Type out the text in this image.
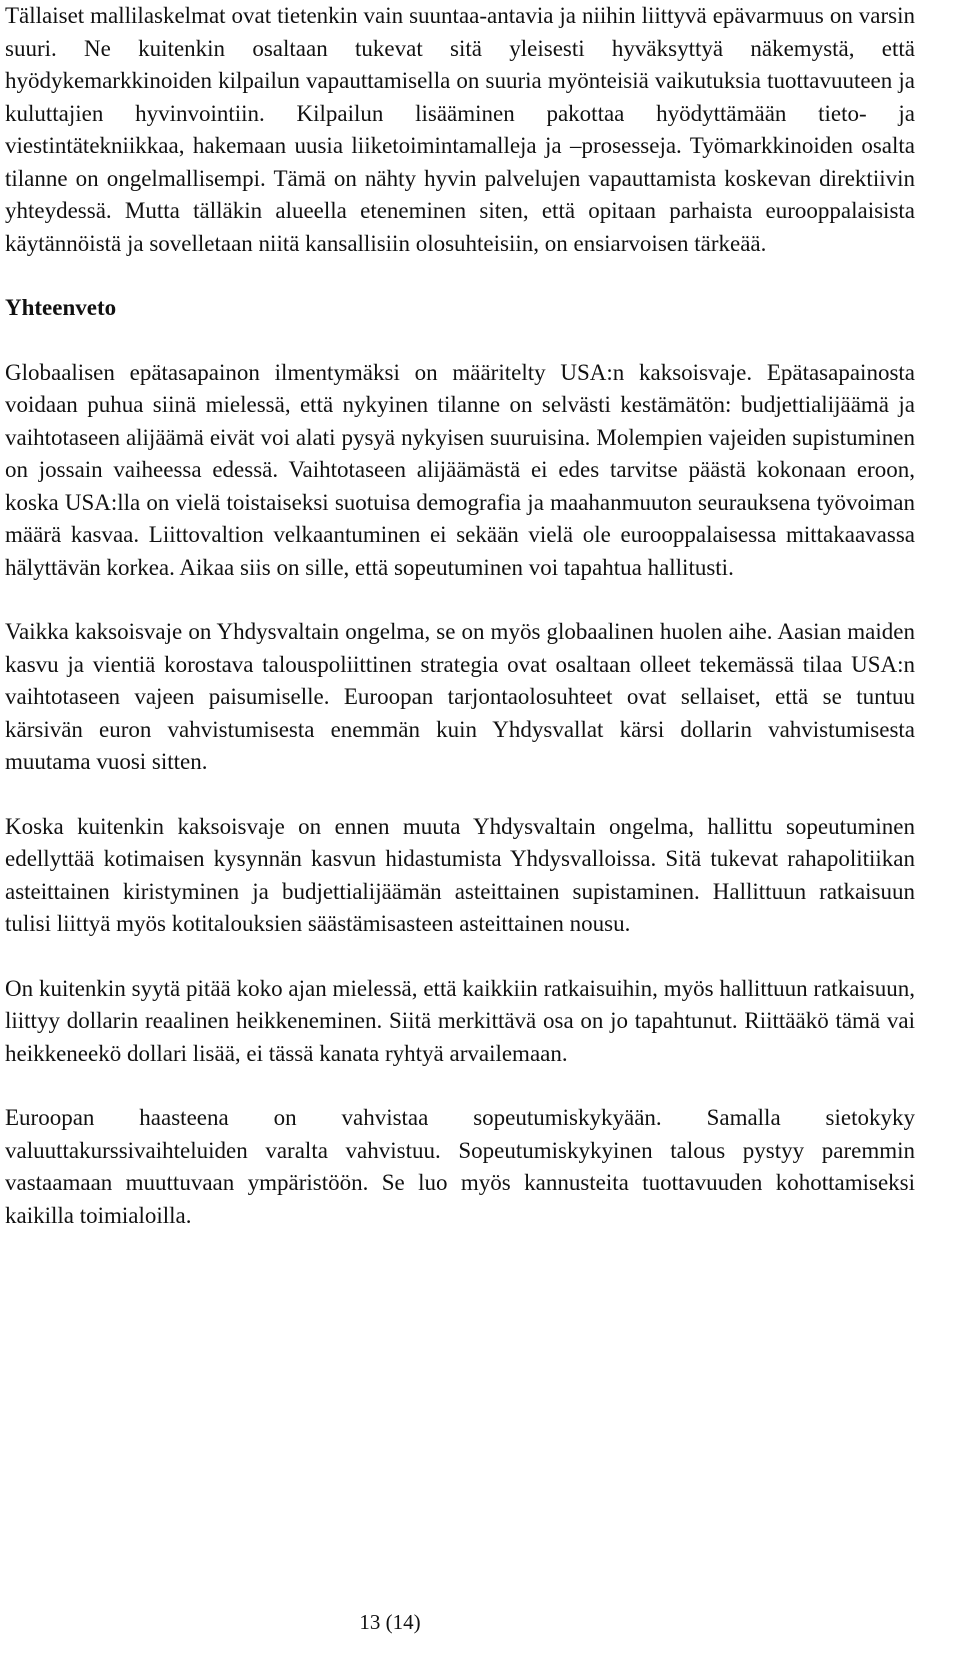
Tällaiset mallilaskelmat ovat tietenkin vain suuntaa-antavia ja niihin liittyvä epävarmuus on varsin suuri. Ne kuitenkin osaltaan tukevat sitä yleisesti hyväksyttyä näkemystä, että hyödykemarkkinoiden kilpailun vapauttamisella on suuria myönteisiä vaikutuksia tuottavuuteen ja kuluttajien hyvinvointiin. Kilpailun lisääminen pakottaa hyödyttämään tieto- ja viestintätekniikkaa, hakemaan uusia liiketoimintamalleja ja –prosesseja. Työmarkkinoiden osalta tilanne on ongelmallisempi. Tämä on nähty hyvin palvelujen vapauttamista koskevan direktiivin yhteydessä. Mutta tälläkin alueella eteneminen siten, että opitaan parhaista eurooppalaisista käytännöistä ja sovelletaan niitä kansallisiin olosuhteisiin, on ensiarvoisen tärkeää.

Yhteenveto

Globaalisen epätasapainon ilmentymäksi on määritelty USA:n kaksoisvaje. Epätasapainosta voidaan puhua siinä mielessä, että nykyinen tilanne on selvästi kestämätön: budjettialijäämä ja vaihtotaseen alijäämä eivät voi alati pysyä nykyisen suuruisina. Molempien vajeiden supistuminen on jossain vaiheessa edessä. Vaihtotaseen alijäämästä ei edes tarvitse päästä kokonaan eroon, koska USA:lla on vielä toistaiseksi suotuisa demografia ja maahanmuuton seurauksena työvoiman määrä kasvaa. Liittovaltion velkaantuminen ei sekään vielä ole eurooppalaisessa mittakaavassa hälyttävän korkea. Aikaa siis on sille, että sopeutuminen voi tapahtua hallitusti.

Vaikka kaksoisvaje on Yhdysvaltain ongelma, se on myös globaalinen huolen aihe. Aasian maiden kasvu ja vientiä korostava talouspoliittinen strategia ovat osaltaan olleet tekemässä tilaa USA:n vaihtotaseen vajeen paisumiselle. Euroopan tarjontaolosuhteet ovat sellaiset, että se tuntuu kärsivän euron vahvistumisesta enemmän kuin Yhdysvallat kärsi dollarin vahvistumisesta muutama vuosi sitten.

Koska kuitenkin kaksoisvaje on ennen muuta Yhdysvaltain ongelma, hallittu sopeutuminen edellyttää kotimaisen kysynnän kasvun hidastumista Yhdysvalloissa. Sitä tukevat rahapolitiikan asteittainen kiristyminen ja budjettialijäämän asteittainen supistaminen. Hallittuun ratkaisuun tulisi liittyä myös kotitalouksien säästämisasteen asteittainen nousu.

On kuitenkin syytä pitää koko ajan mielessä, että kaikkiin ratkaisuihin, myös hallittuun ratkaisuun, liittyy dollarin reaalinen heikkeneminen. Siitä merkittävä osa on jo tapahtunut. Riittääkö tämä vai heikkeneekö dollari lisää, ei tässä kanata ryhtyä arvailemaan.

Euroopan haasteena on vahvistaa sopeutumiskykyään. Samalla sietokyky valuuttakurssivaihteluiden varalta vahvistuu. Sopeutumiskykyinen talous pystyy paremmin vastaamaan muuttuvaan ympäristöön. Se luo myös kannusteita tuottavuuden kohottamiseksi kaikilla toimialoilla.

13 (14)
